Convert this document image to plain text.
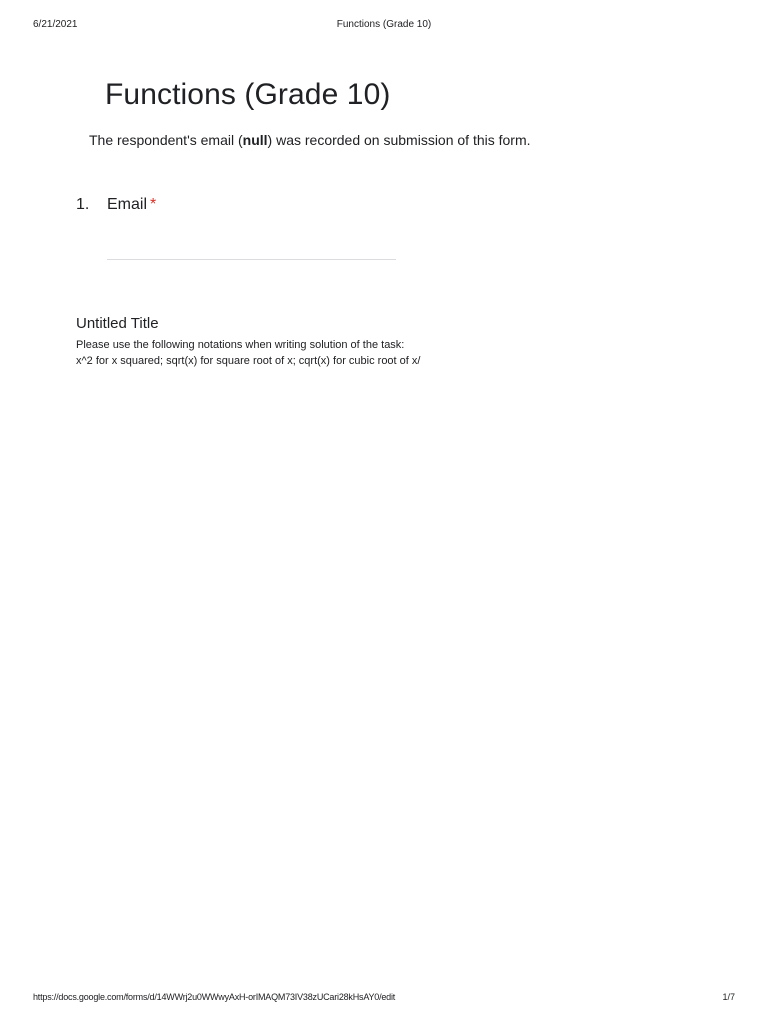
6/21/2021	Functions (Grade 10)
Functions (Grade 10)
The respondent's email (null) was recorded on submission of this form.
1. Email *
Untitled Title
Please use the following notations when writing solution of the task:
x^2 for x squared; sqrt(x) for square root of x; cqrt(x) for cubic root of x/
https://docs.google.com/forms/d/14WWrj2u0WWwyAxH-orIMAQM73IV38zUCari28kHsAY0/edit	1/7
